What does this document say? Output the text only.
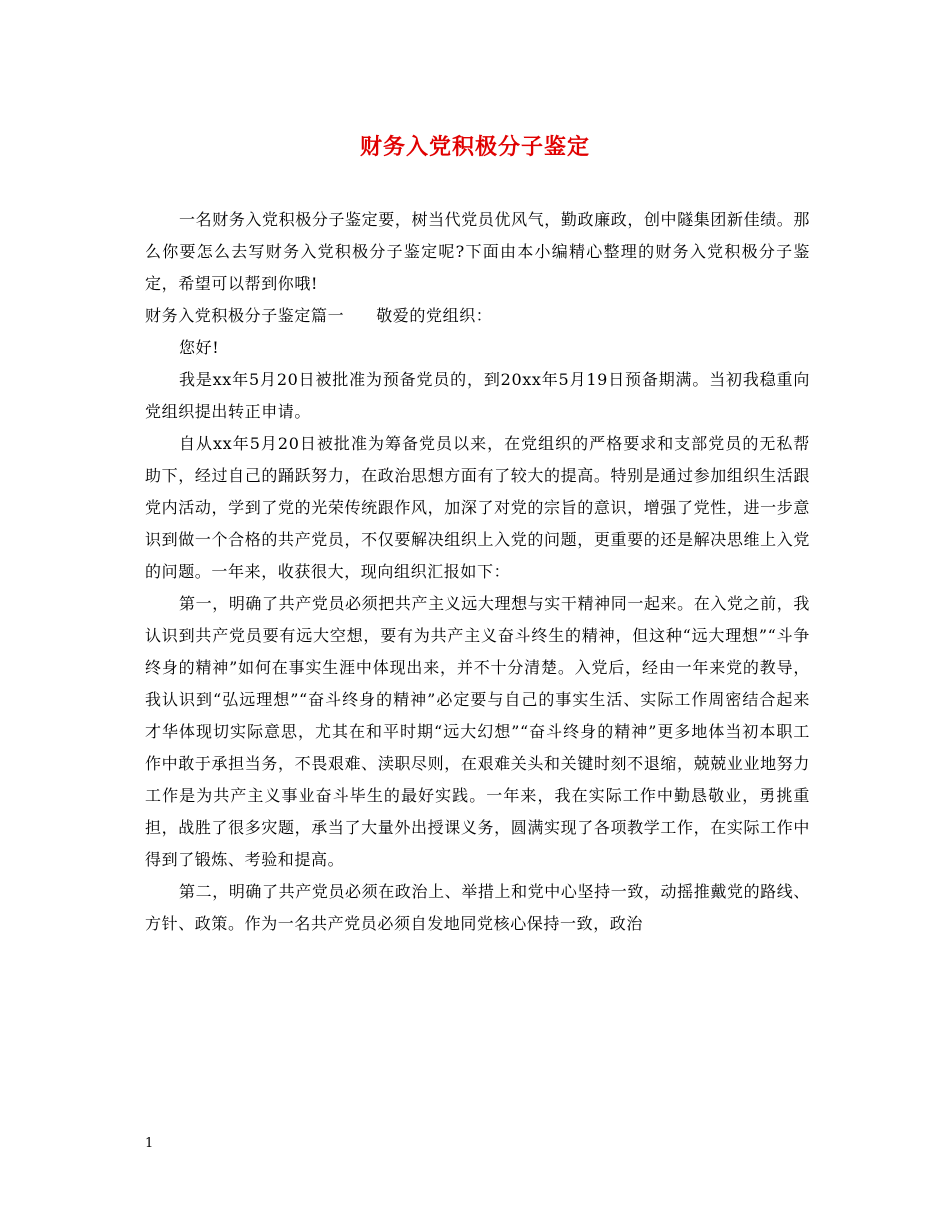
财务入党积极分子鉴定

一名财务入党积极分子鉴定要，树当代党员优风气，勤政廉政，创中隧集团新佳绩。那么你要怎么去写财务入党积极分子鉴定呢?下面由本小编精心整理的财务入党积极分子鉴定，希望可以帮到你哦!

财务入党积极分子鉴定篇一 敬爱的党组织：

您好!

我是xx年5月20日被批准为预备党员的，到20xx年5月19日预备期满。当初我稳重向党组织提出转正申请。

自从xx年5月20日被批准为筹备党员以来，在党组织的严格要求和支部党员的无私帮助下，经过自己的踊跃努力，在政治思想方面有了较大的提高。特别是通过参加组织生活跟党内活动，学到了党的光荣传统跟作风，加深了对党的宗旨的意识，增强了党性，进一步意识到做一个合格的共产党员，不仅要解决组织上入党的问题，更重要的还是解决思维上入党的问题。一年来，收获很大，现向组织汇报如下：

第一，明确了共产党员必须把共产主义远大理想与实干精神同一起来。在入党之前，我认识到共产党员要有远大空想，要有为共产主义奋斗终生的精神，但这种“远大理想”“斗争终身的精神”如何在事实生涯中体现出来，并不十分清楚。入党后，经由一年来党的教导，我认识到“弘远理想”“奋斗终身的精神”必定要与自己的事实生活、实际工作周密结合起来才华体现切实际意思，尤其在和平时期“远大幻想”“奋斗终身的精神”更多地体当初本职工作中敢于承担当务，不畏艰难、渎职尽则，在艰难关头和关键时刻不退缩，兢兢业业地努力工作是为共产主义事业奋斗毕生的最好实践。一年来，我在实际工作中勤恳敬业，勇挑重担，战胜了很多灾题，承当了大量外出授课义务，圆满实现了各项教学工作，在实际工作中得到了锻炼、考验和提高。

第二，明确了共产党员必须在政治上、举措上和党中心坚持一致，动摇推戴党的路线、方针、政策。作为一名共产党员必须自发地同党核心保持一致，政治

1
